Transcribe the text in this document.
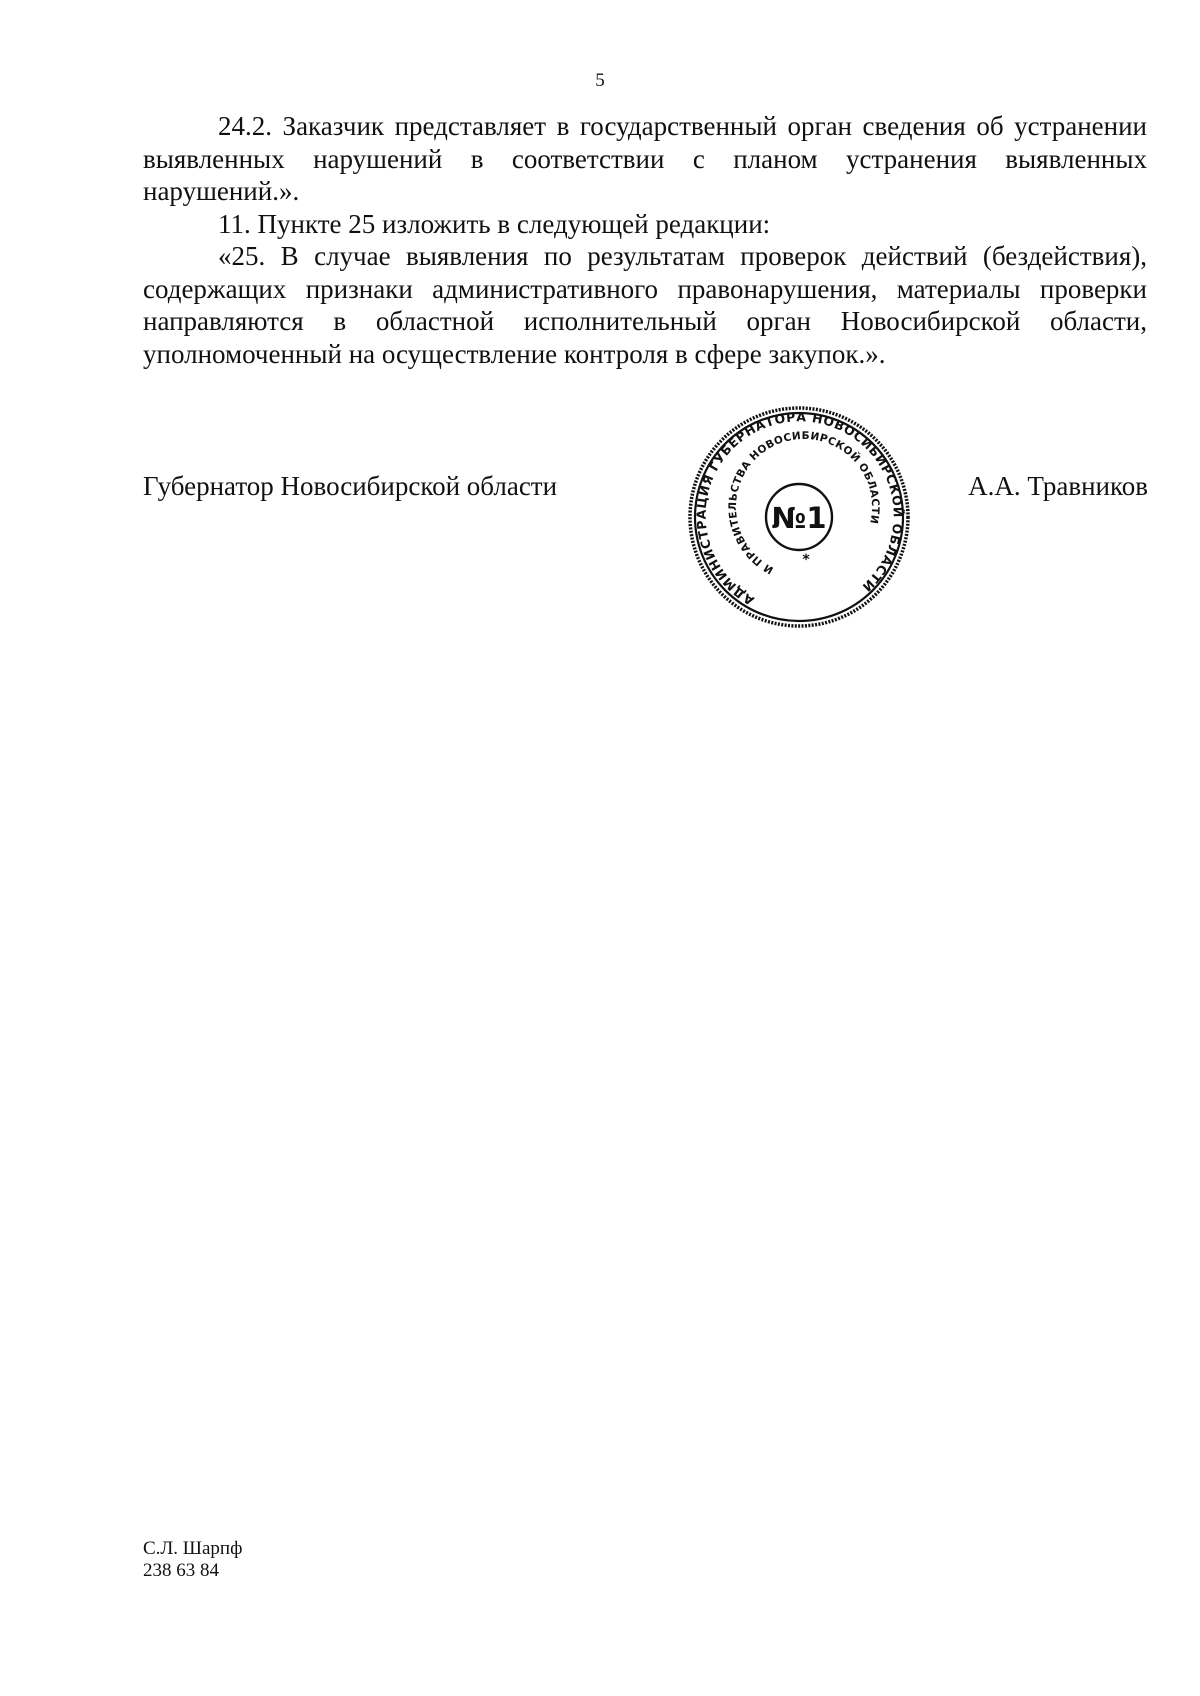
5

24.2. Заказчик представляет в государственный орган сведения об устранении выявленных нарушений в соответствии с планом устранения выявленных нарушений.».

11. Пункте 25 изложить в следующей редакции:

«25. В случае выявления по результатам проверок действий (бездействия), содержащих признаки административного правонарушения, материалы проверки направляются в областной исполнительный орган Новосибирской области, уполномоченный на осуществление контроля в сфере закупок.».

Губернатор Новосибирской области	А.А. Травников
АДМИНИСТРАЦИЯ ГУБЕРНАТОРА НОВОСИБИРСКОЙ ОБЛАСТИ
И ПРАВИТЕЛЬСТВА НОВОСИБИРСКОЙ ОБЛАСТИ
№1
*
С.Л. Шарпф
238 63 84
